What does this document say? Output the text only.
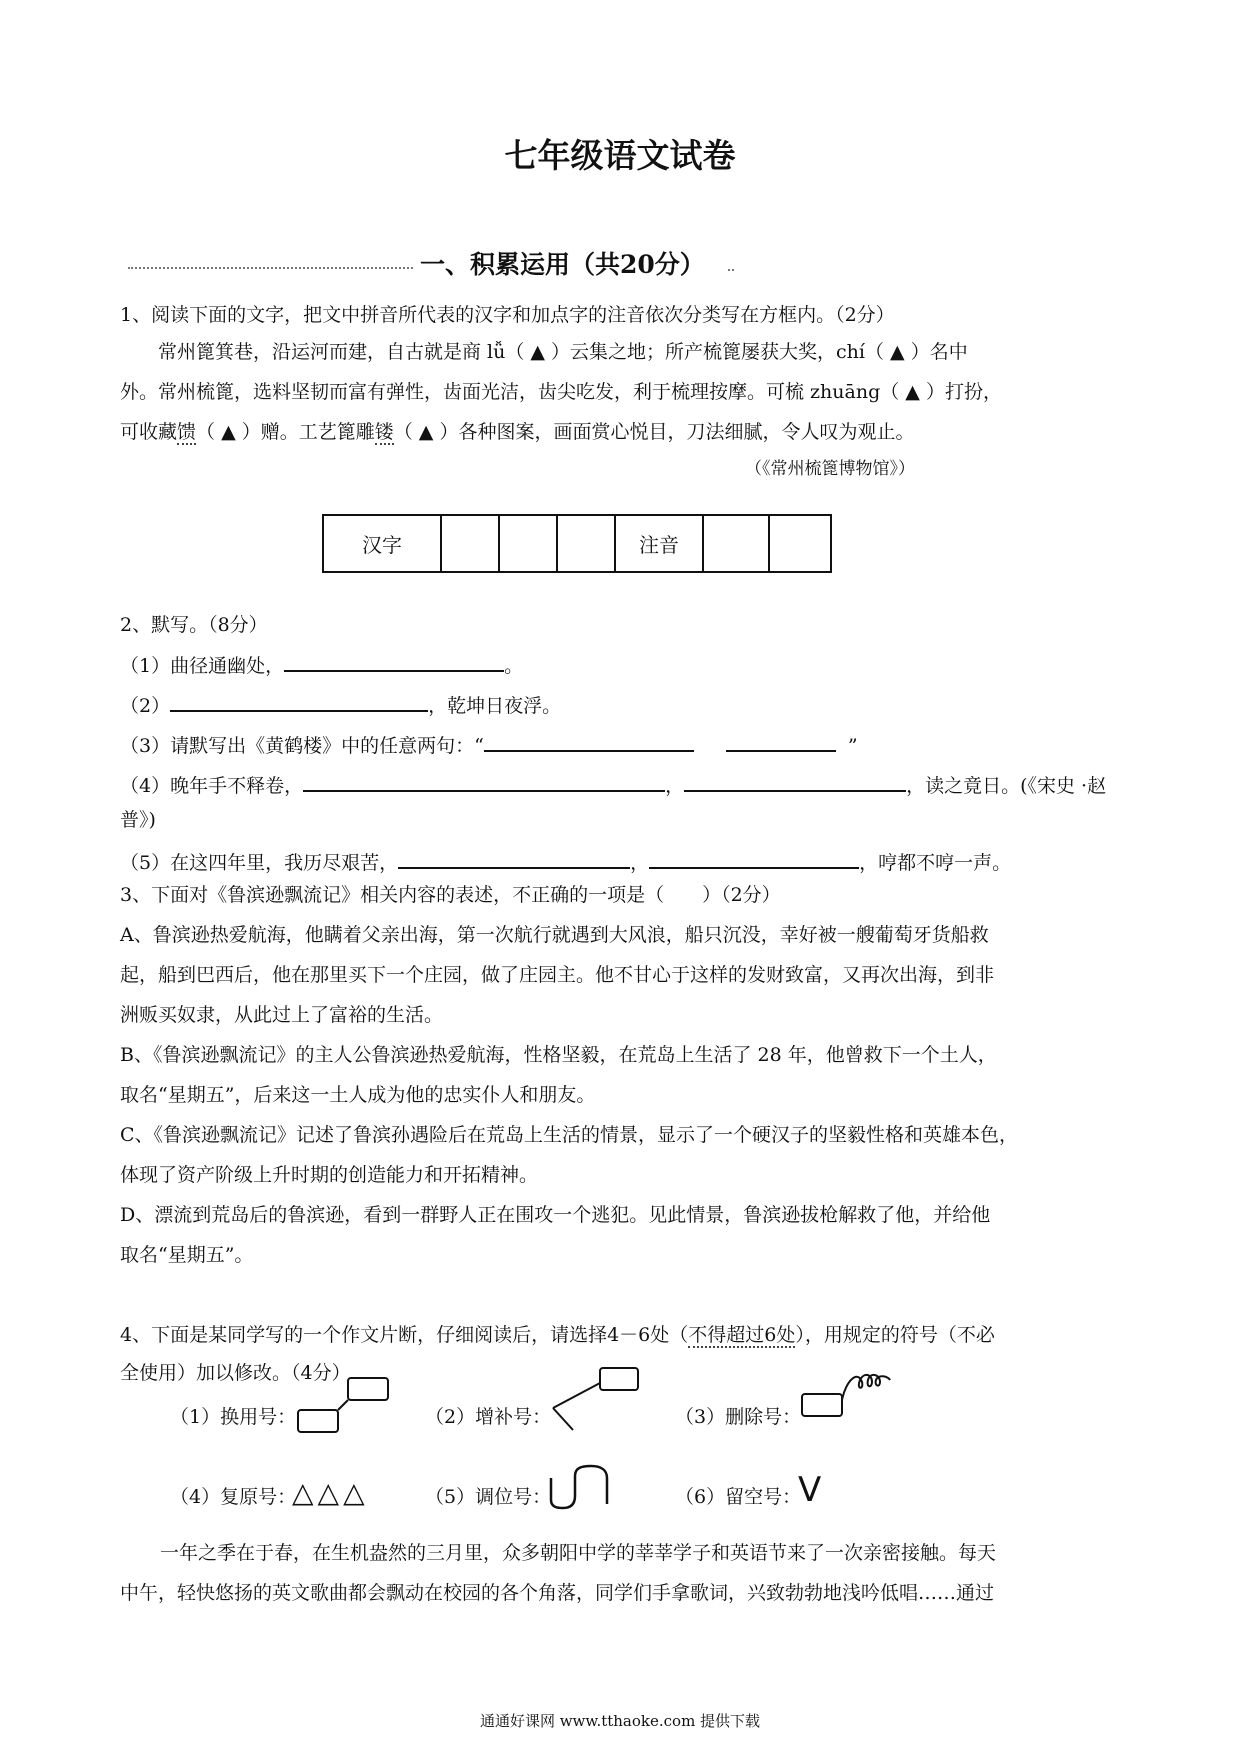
七年级语文试卷
一、积累运用（共20分）
1、阅读下面的文字，把文中拼音所代表的汉字和加点字的注音依次分类写在方框内。（2分）
常州篦箕巷，沿运河而建，自古就是商 lǚ（ ▲ ）云集之地；所产梳篦屡获大奖，chí（ ▲ ）名中
外。常州梳篦，选料坚韧而富有弹性，齿面光洁，齿尖吃发，利于梳理按摩。可梳 zhuāng（ ▲ ）打扮，
可收藏馈（ ▲ ）赠。工艺篦雕镂（ ▲ ）各种图案，画面赏心悦目，刀法细腻，令人叹为观止。
（《常州梳篦博物馆》）
汉字				注音		
2、默写。（8分）
（1）曲径通幽处，	。
（2）	，乾坤日夜浮。
（3）请默写出《黄鹤楼》中的任意两句：“	”
（4）晚年手不释卷，	，	，读之竟日。(《宋史 ·赵
普》)
（5）在这四年里，我历尽艰苦，	，	，哼都不哼一声。
3、下面对《鲁滨逊飘流记》相关内容的表述，不正确的一项是（　　）（2分）
A、鲁滨逊热爱航海，他瞒着父亲出海，第一次航行就遇到大风浪，船只沉没，幸好被一艘葡萄牙货船救
起，船到巴西后，他在那里买下一个庄园，做了庄园主。他不甘心于这样的发财致富，又再次出海，到非
洲贩买奴隶，从此过上了富裕的生活。
B、《鲁滨逊飘流记》的主人公鲁滨逊热爱航海，性格坚毅，在荒岛上生活了 28 年，他曾救下一个土人，
取名“星期五”，后来这一土人成为他的忠实仆人和朋友。
C、《鲁滨逊飘流记》记述了鲁滨孙遇险后在荒岛上生活的情景，显示了一个硬汉子的坚毅性格和英雄本色，
体现了资产阶级上升时期的创造能力和开拓精神。
D、漂流到荒岛后的鲁滨逊，看到一群野人正在围攻一个逃犯。见此情景，鲁滨逊拔枪解救了他，并给他
取名“星期五”。
4、下面是某同学写的一个作文片断，仔细阅读后，请选择4－6处（不得超过6处），用规定的符号（不必
全使用）加以修改。（4分）
（1）换用号：	（2）增补号：	（3）删除号：
（4）复原号：
△△△	（5）调位号：	（6）留空号：
V
一年之季在于春，在生机盎然的三月里，众多朝阳中学的莘莘学子和英语节来了一次亲密接触。每天
中午，轻快悠扬的英文歌曲都会飘动在校园的各个角落，同学们手拿歌词，兴致勃勃地浅吟低唱……通过
通通好课网 www.tthaoke.com 提供下载
